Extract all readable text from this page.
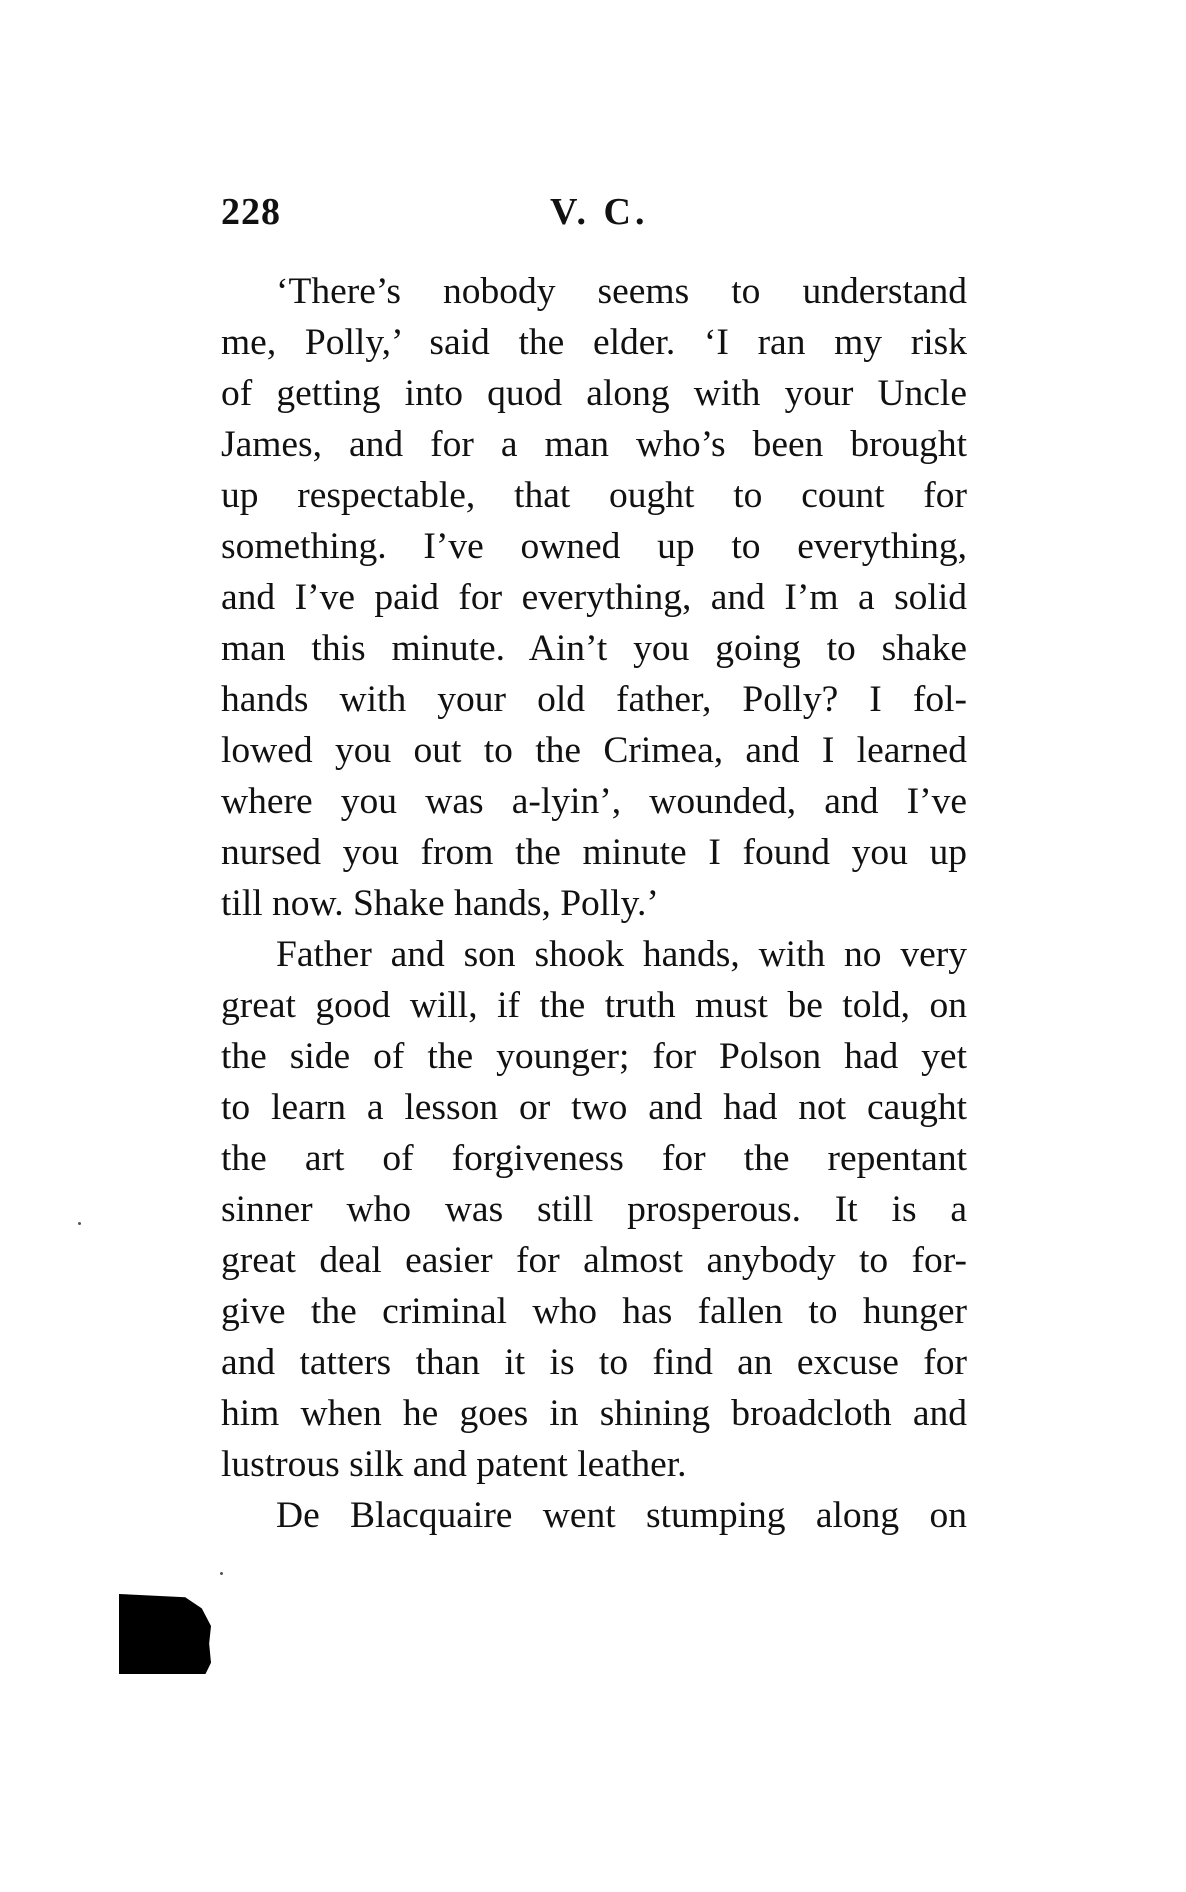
228	V. C.
‘There’s nobody seems to understand
me, Polly,’ said the elder. ‘I ran my risk
of getting into quod along with your Uncle
James, and for a man who’s been brought
up respectable, that ought to count for
something. I’ve owned up to everything,
and I’ve paid for everything, and I’m a solid
man this minute. Ain’t you going to shake
hands with your old father, Polly? I fol-
lowed you out to the Crimea, and I learned
where you was a-lyin’, wounded, and I’ve
nursed you from the minute I found you up
till now. Shake hands, Polly.’
Father and son shook hands, with no very
great good will, if the truth must be told, on
the side of the younger; for Polson had yet
to learn a lesson or two and had not caught
the art of forgiveness for the repentant
sinner who was still prosperous. It is a
great deal easier for almost anybody to for-
give the criminal who has fallen to hunger
and tatters than it is to find an excuse for
him when he goes in shining broadcloth and
lustrous silk and patent leather.
De Blacquaire went stumping along on
